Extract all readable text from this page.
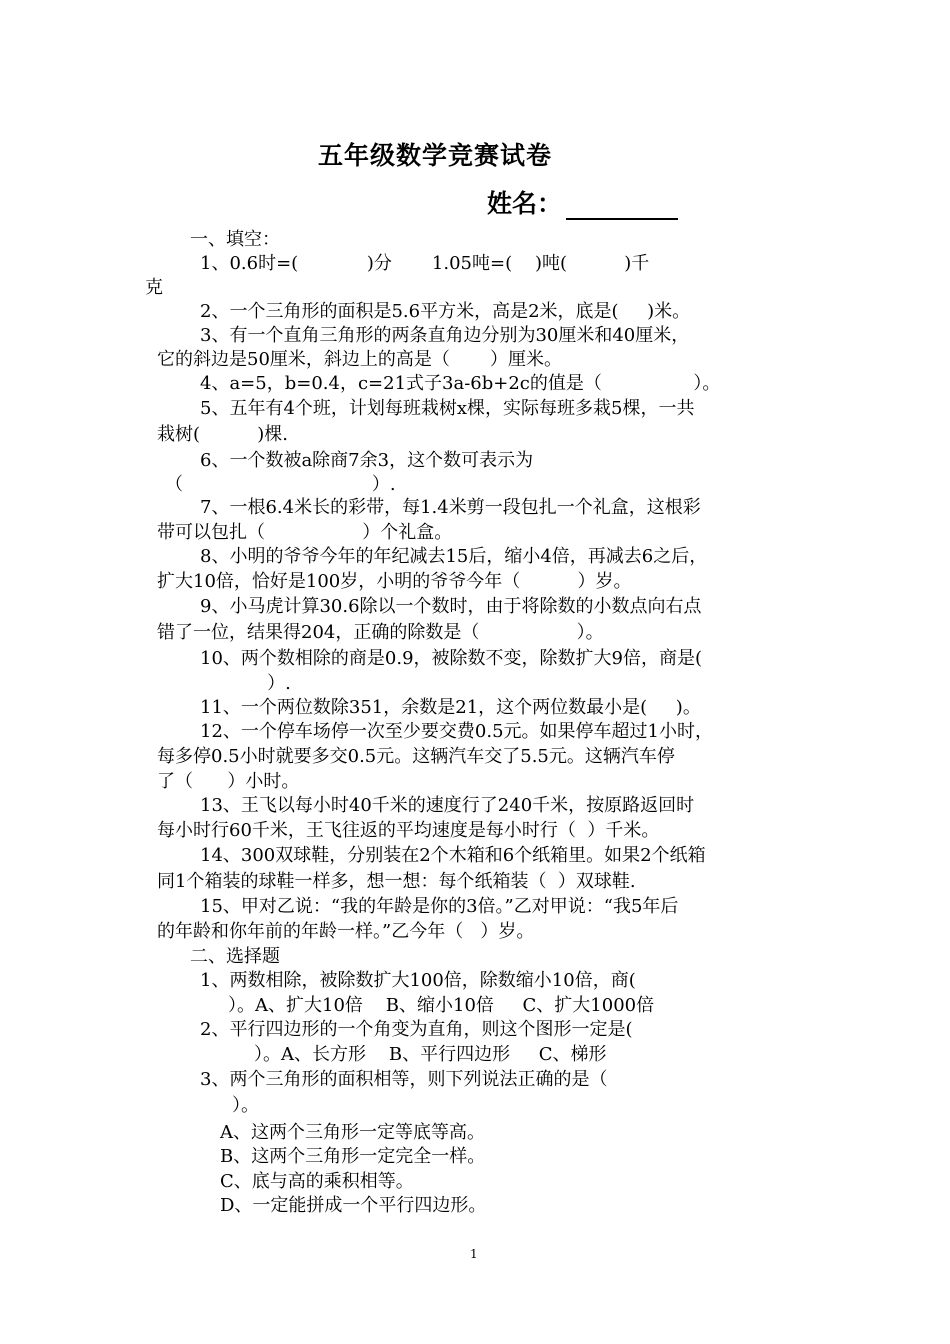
五年级数学竞赛试卷
姓名：
一、填空：
1、0.6时=(            )分       1.05吨=(    )吨(          )千
克
2、一个三角形的面积是5.6平方米，高是2米，底是(     )米。
3、有一个直角三角形的两条直角边分别为30厘米和40厘米，
它的斜边是50厘米，斜边上的高是（       ）厘米。
4、a=5，b=0.4，c=21式子3a-6b+2c的值是（                ）。
5、五年有4个班，计划每班栽树x棵，实际每班多栽5棵，一共
栽树(          )棵.
6、一个数被a除商7余3，这个数可表示为
（                                 ）.
7、一根6.4米长的彩带，每1.4米剪一段包扎一个礼盒，这根彩
带可以包扎（                 ）个礼盒。
8、小明的爷爷今年的年纪减去15后，缩小4倍，再减去6之后，
扩大10倍，恰好是100岁，小明的爷爷今年（          ）岁。
9、小马虎计算30.6除以一个数时，由于将除数的小数点向右点
错了一位，结果得204，正确的除数是（                 ）。
10、两个数相除的商是0.9，被除数不变，除数扩大9倍，商是(
）.
11、一个两位数除351，余数是21，这个两位数最小是(     )。
12、一个停车场停一次至少要交费0.5元。如果停车超过1小时，
每多停0.5小时就要多交0.5元。这辆汽车交了5.5元。这辆汽车停
了（      ）小时。
13、王飞以每小时40千米的速度行了240千米，按原路返回时
每小时行60千米，王飞往返的平均速度是每小时行（  ）千米。
14、300双球鞋，分别装在2个木箱和6个纸箱里。如果2个纸箱
同1个箱装的球鞋一样多，想一想：每个纸箱装（  ）双球鞋.
15、甲对乙说：“我的年龄是你的3倍。”乙对甲说：“我5年后
的年龄和你年前的年龄一样。”乙今年（   ）岁。
二、选择题
1、两数相除，被除数扩大100倍，除数缩小10倍，商(
）。A、扩大10倍    B、缩小10倍     C、扩大1000倍
2、平行四边形的一个角变为直角，则这个图形一定是(
）。A、长方形    B、平行四边形     C、梯形
3、两个三角形的面积相等，则下列说法正确的是（
）。
A、这两个三角形一定等底等高。
B、这两个三角形一定完全一样。
C、底与高的乘积相等。
D、一定能拼成一个平行四边形。
1
